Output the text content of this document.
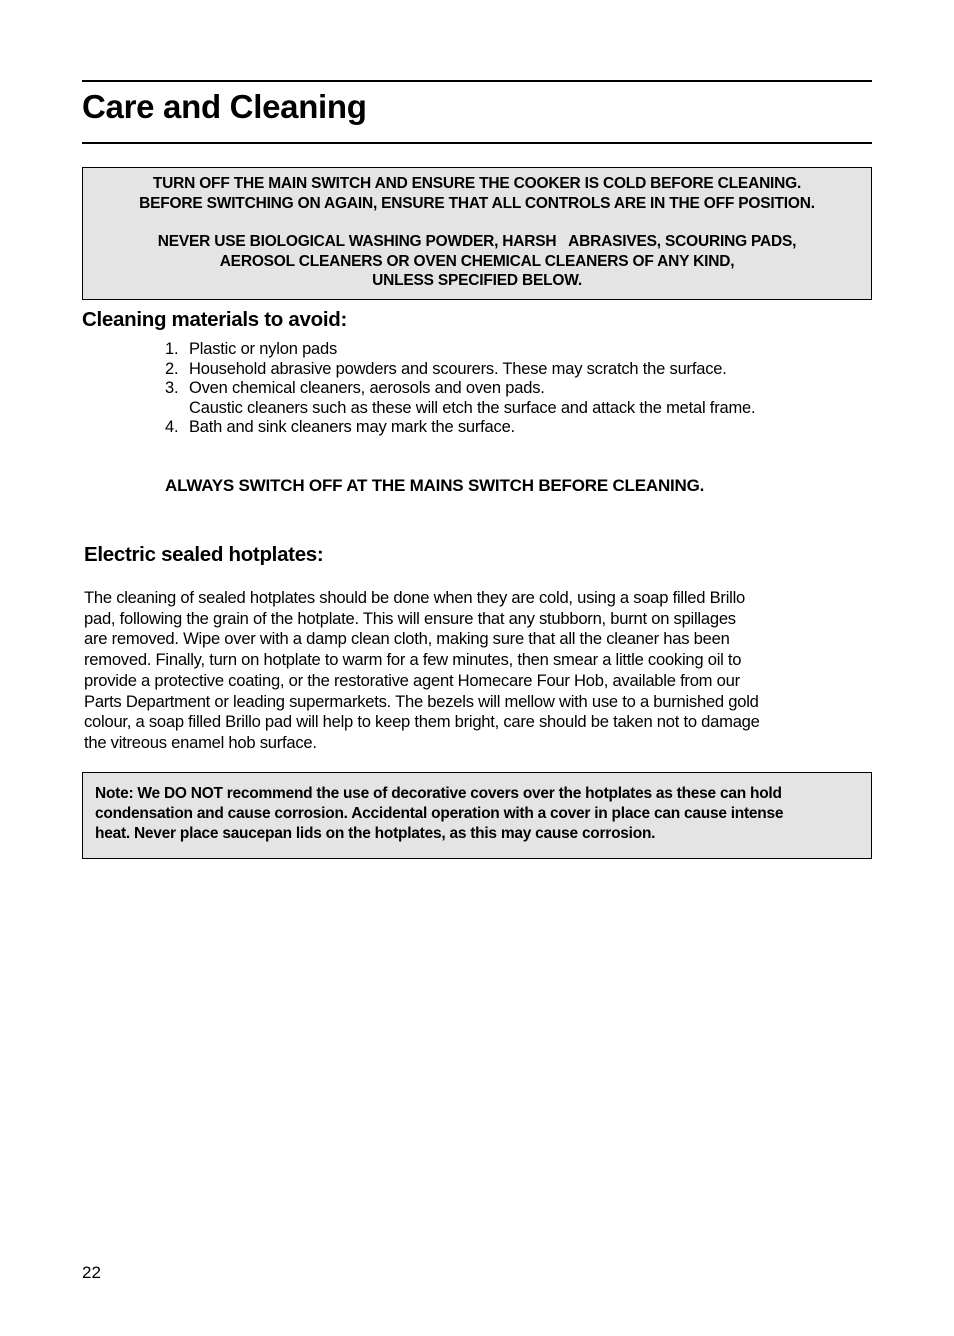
Care and Cleaning
TURN OFF THE MAIN SWITCH AND ENSURE THE COOKER IS COLD BEFORE CLEANING.
BEFORE SWITCHING ON AGAIN, ENSURE THAT ALL CONTROLS ARE IN THE OFF POSITION.
NEVER USE BIOLOGICAL WASHING POWDER, HARSH   ABRASIVES, SCOURING PADS,
AEROSOL CLEANERS OR OVEN CHEMICAL CLEANERS OF ANY KIND,
UNLESS SPECIFIED BELOW.
Cleaning materials to avoid:
1. Plastic or nylon pads
2. Household abrasive powders and scourers. These may scratch the surface.
3. Oven chemical cleaners, aerosols and oven pads.
Caustic cleaners such as these will etch the surface and attack the metal frame.
4. Bath and sink cleaners may mark the surface.
ALWAYS SWITCH OFF AT THE MAINS SWITCH BEFORE CLEANING.
Electric sealed hotplates:

The cleaning of sealed hotplates should be done when they are cold, using a soap filled Brillo
pad, following the grain of the hotplate. This will ensure that any stubborn, burnt on spillages
are removed. Wipe over with a damp clean cloth, making sure that all the cleaner has been
removed. Finally, turn on hotplate to warm for a few minutes, then smear a little cooking oil to
provide a protective coating, or the restorative agent Homecare Four Hob, available from our
Parts Department or leading supermarkets. The bezels will mellow with use to a burnished gold
colour, a soap filled Brillo pad will help to keep them bright, care should be taken not to damage
the vitreous enamel hob surface.

Note: We DO NOT recommend the use of decorative covers over the hotplates as these can hold
condensation and cause corrosion. Accidental operation with a cover in place can cause intense
heat. Never place saucepan lids on the hotplates, as this may cause corrosion.
22
